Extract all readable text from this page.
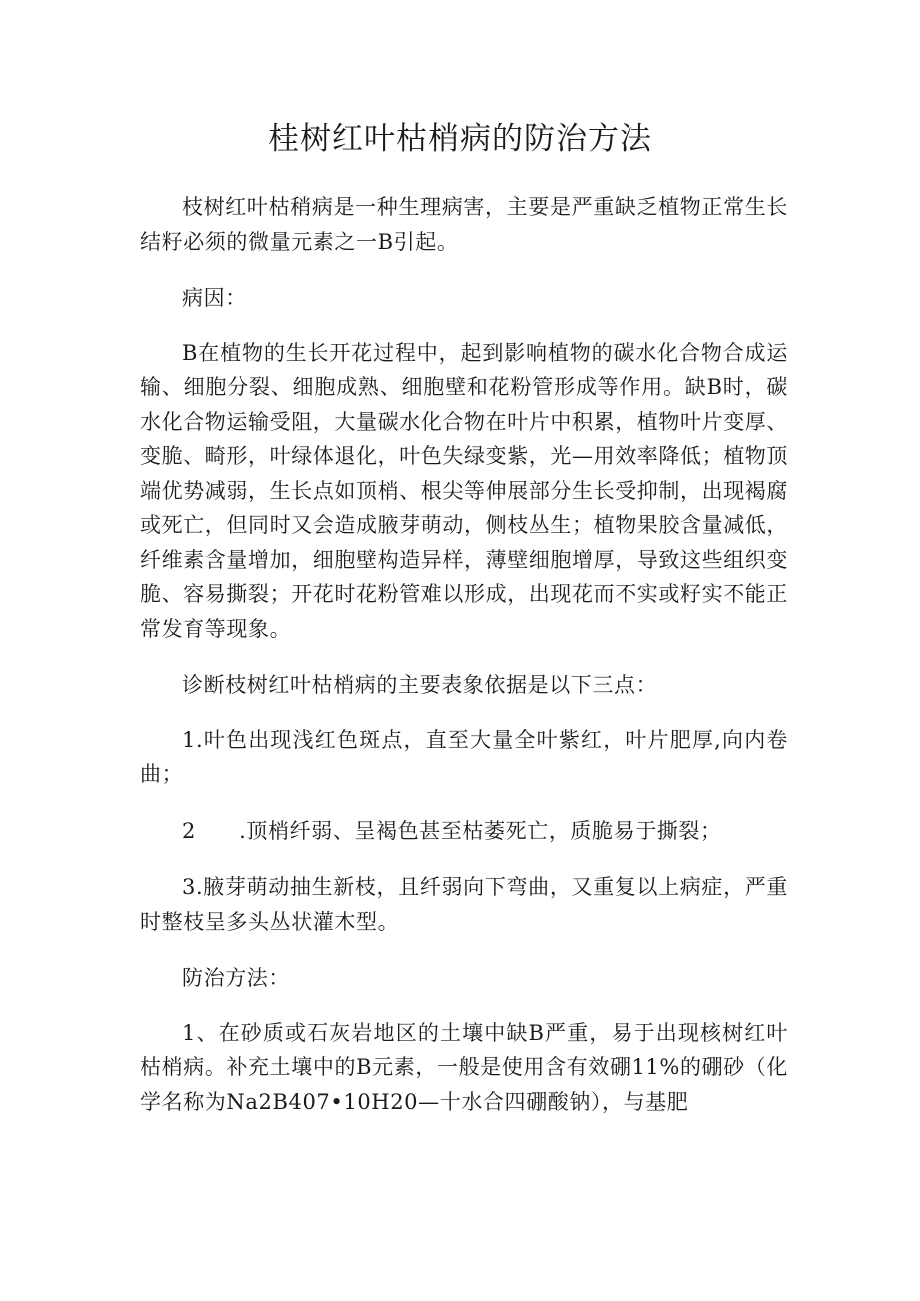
桂树红叶枯梢病的防治方法

枝树红叶枯稍病是一种生理病害，主要是严重缺乏植物正常生长结籽必须的微量元素之一B引起。

病因：

B在植物的生长开花过程中，起到影响植物的碳水化合物合成运输、细胞分裂、细胞成熟、细胞壁和花粉管形成等作用。缺B时，碳水化合物运输受阻，大量碳水化合物在叶片中积累，植物叶片变厚、变脆、畸形，叶绿体退化，叶色失绿变紫，光—用效率降低；植物顶端优势减弱，生长点如顶梢、根尖等伸展部分生长受抑制，出现褐腐或死亡，但同时又会造成腋芽萌动，侧枝丛生；植物果胶含量减低，纤维素含量增加，细胞壁构造异样，薄壁细胞增厚，导致这些组织变脆、容易撕裂；开花时花粉管难以形成，出现花而不实或籽实不能正常发育等现象。

诊断枝树红叶枯梢病的主要表象依据是以下三点：

1.叶色出现浅红色斑点，直至大量全叶紫红，叶片肥厚,向内卷曲；

2　　.顶梢纤弱、呈褐色甚至枯萎死亡，质脆易于撕裂；

3.腋芽萌动抽生新枝，且纤弱向下弯曲，又重复以上病症，严重时整枝呈多头丛状灌木型。

防治方法：

1、在砂质或石灰岩地区的土壤中缺B严重，易于出现核树红叶枯梢病。补充土壤中的B元素，一般是使用含有效硼11%的硼砂（化学名称为Na2B407•10H20—十水合四硼酸钠），与基肥
